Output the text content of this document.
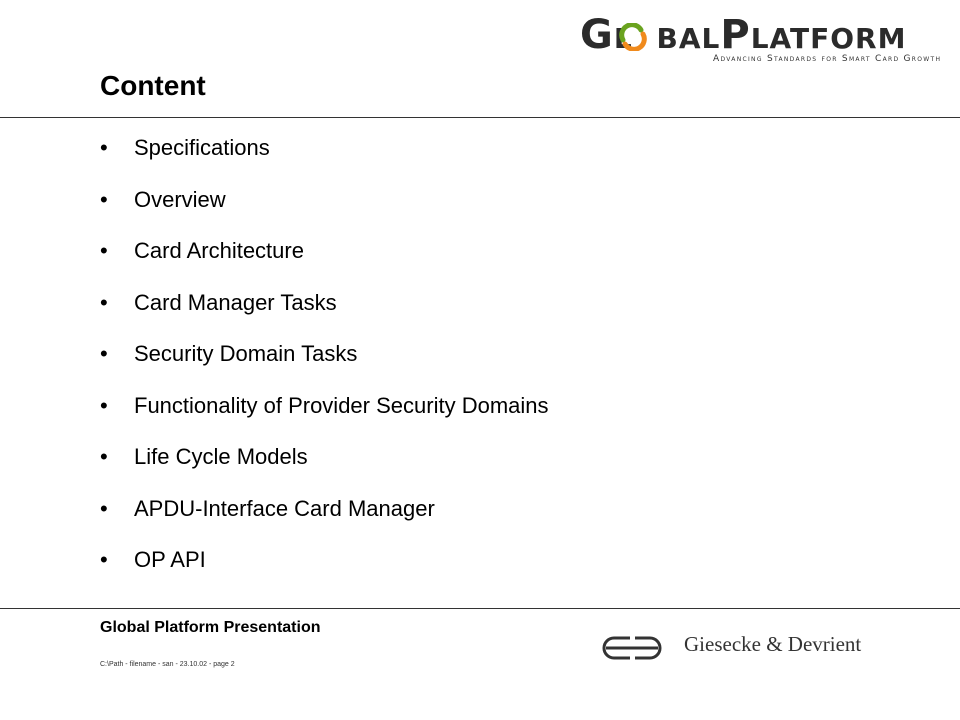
GL BALPLATFORM
Advancing Standards for Smart Card Growth
Content
• Specifications
• Overview
• Card Architecture
• Card Manager Tasks
• Security Domain Tasks
• Functionality of Provider Security Domains
• Life Cycle Models
• APDU-Interface Card Manager
• OP API
Global Platform Presentation
C:\Path - filename - san - 23.10.02 - page 2
Giesecke & Devrient
